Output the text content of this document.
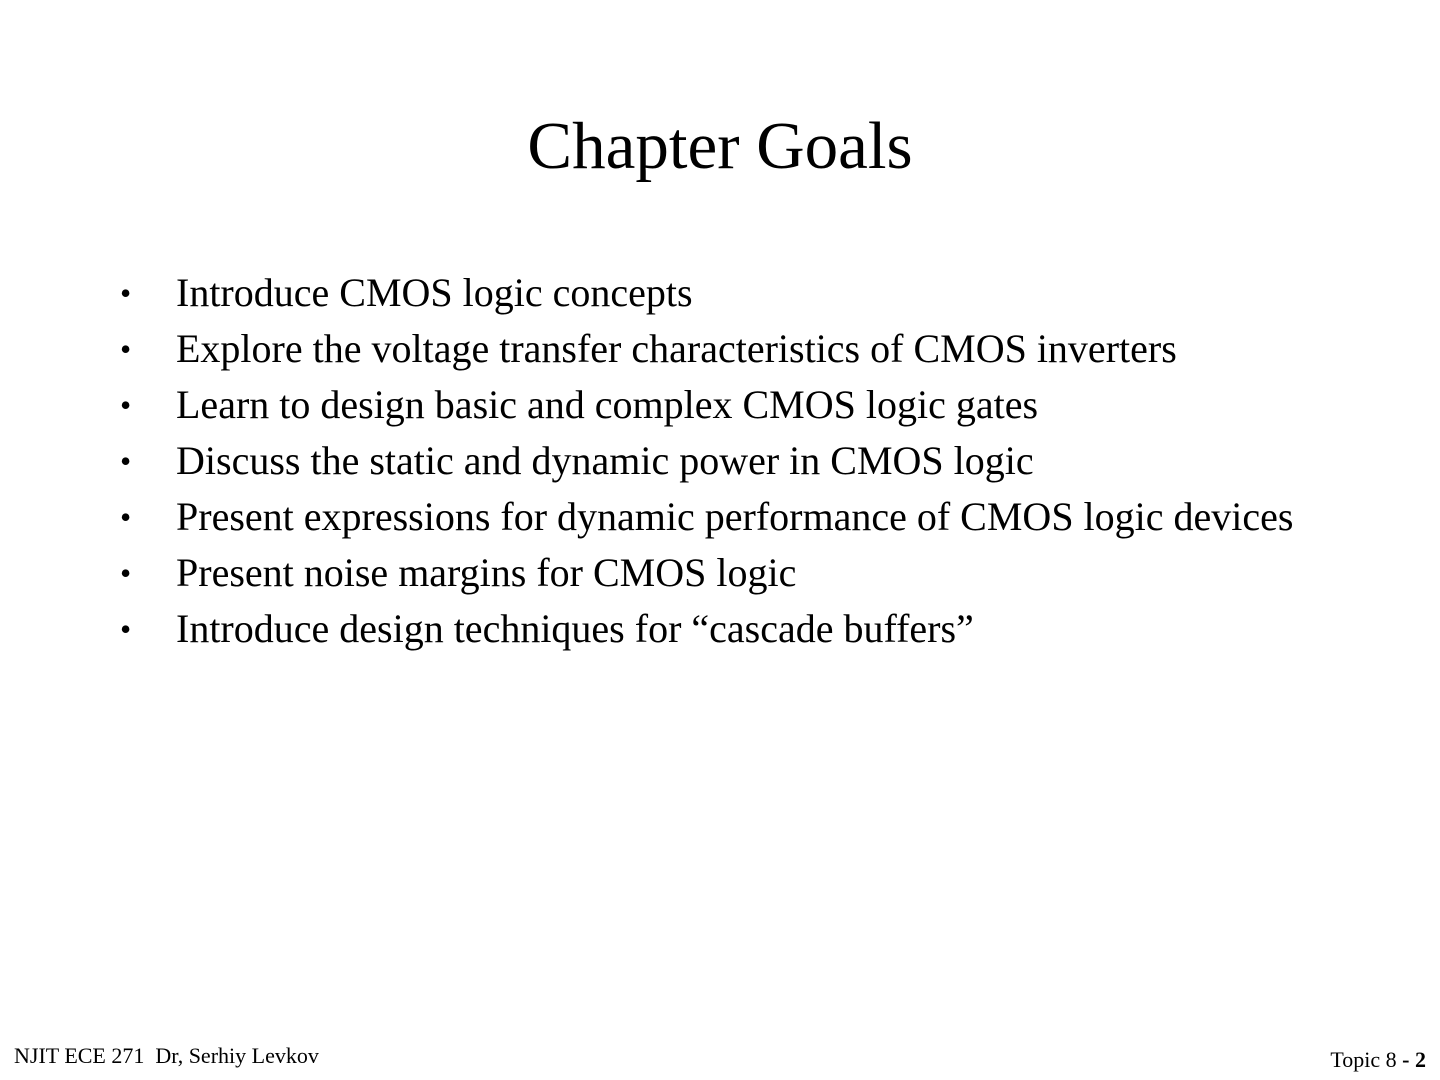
Chapter Goals
• Introduce CMOS logic concepts
• Explore the voltage transfer characteristics of CMOS inverters
• Learn to design basic and complex CMOS logic gates
• Discuss the static and dynamic power in CMOS logic
• Present expressions for dynamic performance of CMOS logic devices
• Present noise margins for CMOS logic
• Introduce design techniques for “cascade buffers”
NJIT ECE 271  Dr, Serhiy Levkov	Topic 8 - 2
